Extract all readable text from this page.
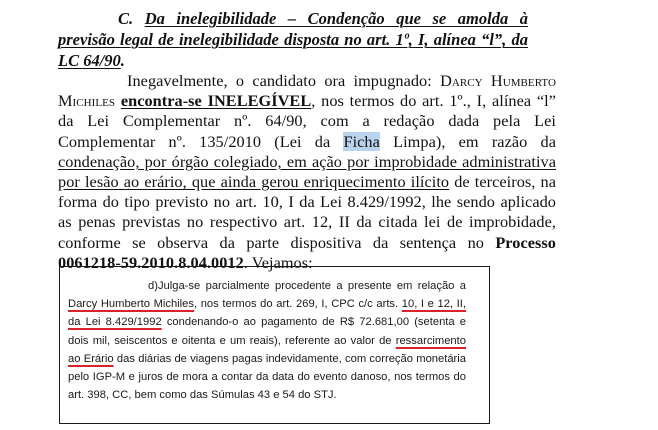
C. Da inelegibilidade – Condenção que se amolda à previsão legal de inelegibilidade disposta no art. 1º, I, alínea “l”, da LC 64/90.
Inegavelmente, o candidato ora impugnado: Darcy Humberto Michiles encontra-se INELEGÍVEL, nos termos do art. 1º., I, alínea “l” da Lei Complementar nº. 64/90, com a redação dada pela Lei Complementar nº. 135/2010 (Lei da Ficha Limpa), em razão da condenação, por órgão colegiado, em ação por improbidade administrativa por lesão ao erário, que ainda gerou enriquecimento ilícito de terceiros, na forma do tipo previsto no art. 10, I da Lei 8.429/1992, lhe sendo aplicado as penas previstas no respectivo art. 12, II da citada lei de improbidade, conforme se observa da parte dispositiva da sentença no Processo 0061218-59.2010.8.04.0012. Vejamos:
d)Julga-se parcialmente procedente a presente em relação a Darcy Humberto Michiles, nos termos do art. 269, I, CPC c/c arts. 10, I e 12, II, da Lei 8.429/1992 condenando-o ao pagamento de R$ 72.681,00 (setenta e dois mil, seiscentos e oitenta e um reais), referente ao valor de ressarcimento ao Erário das diárias de viagens pagas indevidamente, com correção monetária pelo IGP-M e juros de mora a contar da data do evento danoso, nos termos do art. 398, CC, bem como das Súmulas 43 e 54 do STJ.
